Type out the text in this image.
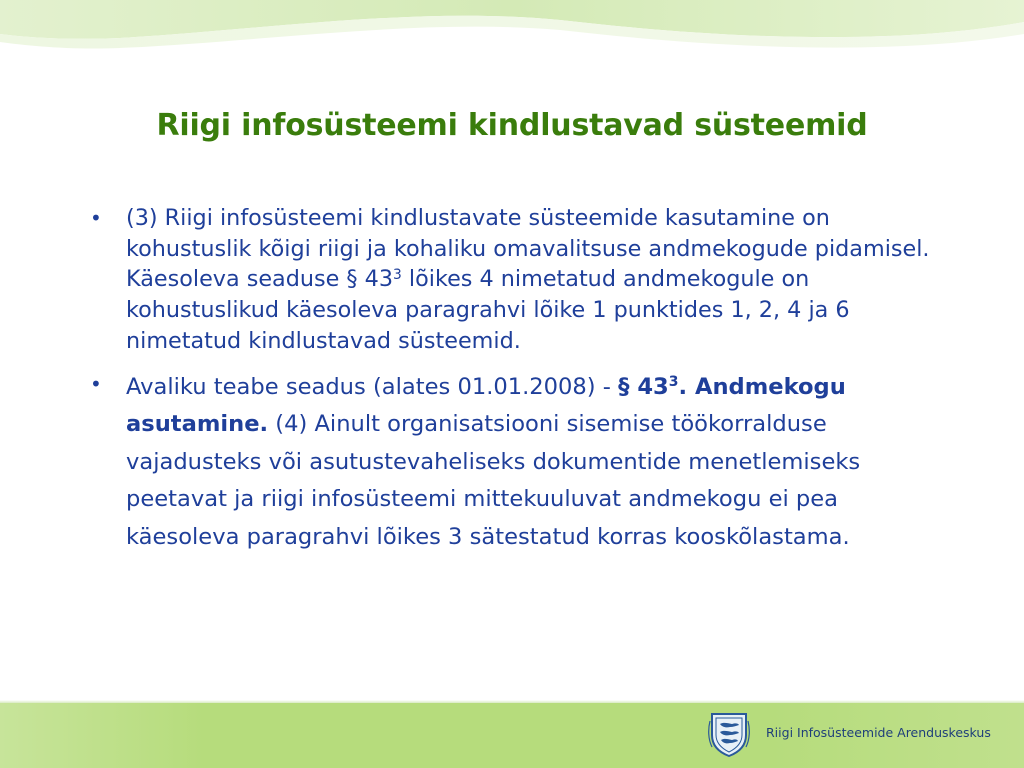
Riigi infosüsteemi kindlustavad süsteemid
• (3) Riigi infosüsteemi kindlustavate süsteemide kasutamine on kohustuslik kõigi riigi ja kohaliku omavalitsuse andmekogude pidamisel. Käesoleva seaduse § $43^3$ lõikes 4 nimetatud andmekogule on kohustuslikud käesoleva paragrahvi lõike 1 punktides 1, 2, 4 ja 6 nimetatud kindlustavad süsteemid.
• Avaliku teabe seadus (alates 01.01.2008) - § $43^3$. Andmekogu asutamine. (4) Ainult organisatsiooni sisemise töökorralduse vajadusteks või asutustevaheliseks dokumentide menetlemiseks peetavat ja riigi infosüsteemi mittekuuluvat andmekogu ei pea käesoleva paragrahvi lõikes 3 sätestatud korras kooskõlastama.
Riigi Infosüsteemide Arenduskeskus
